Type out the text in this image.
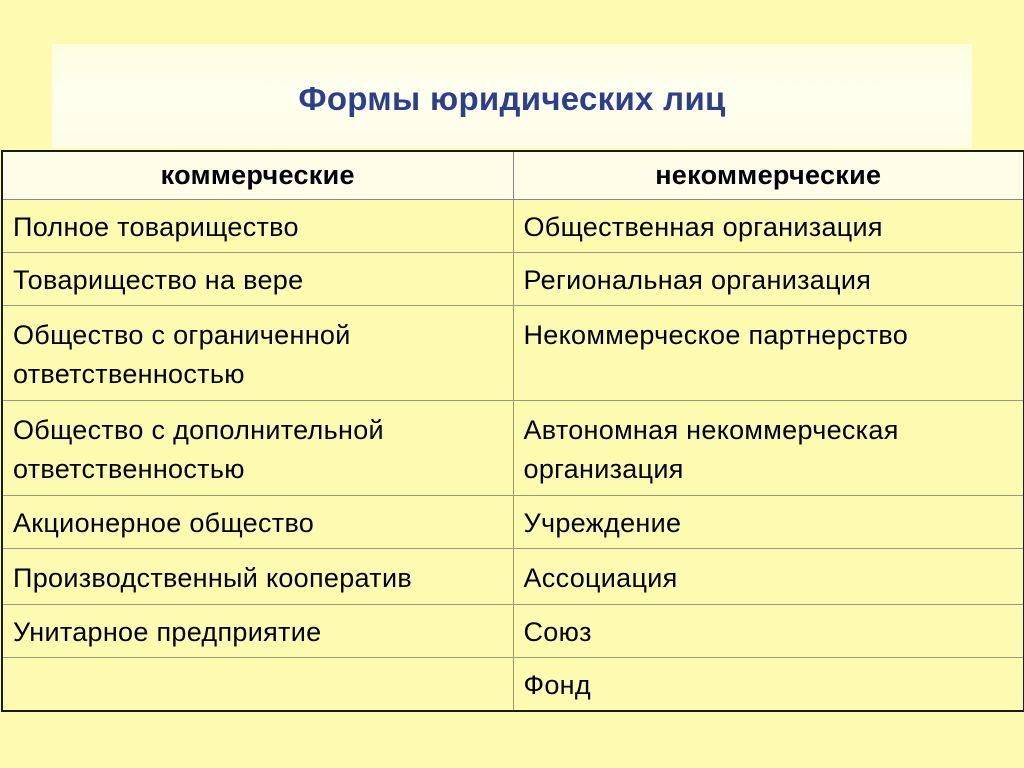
Формы юридических лиц
коммерческие	некоммерческие

Полное товарищество	Общественная организация

Товарищество на вере	Региональная организация

Общество с ограниченной ответственностью	Некоммерческое партнерство

Общество с дополнительной ответственностью	Автономная некоммерческая организация

Акционерное общество	Учреждение

Производственный кооператив	Ассоциация

Унитарное предприятие	Союз

	Фонд
